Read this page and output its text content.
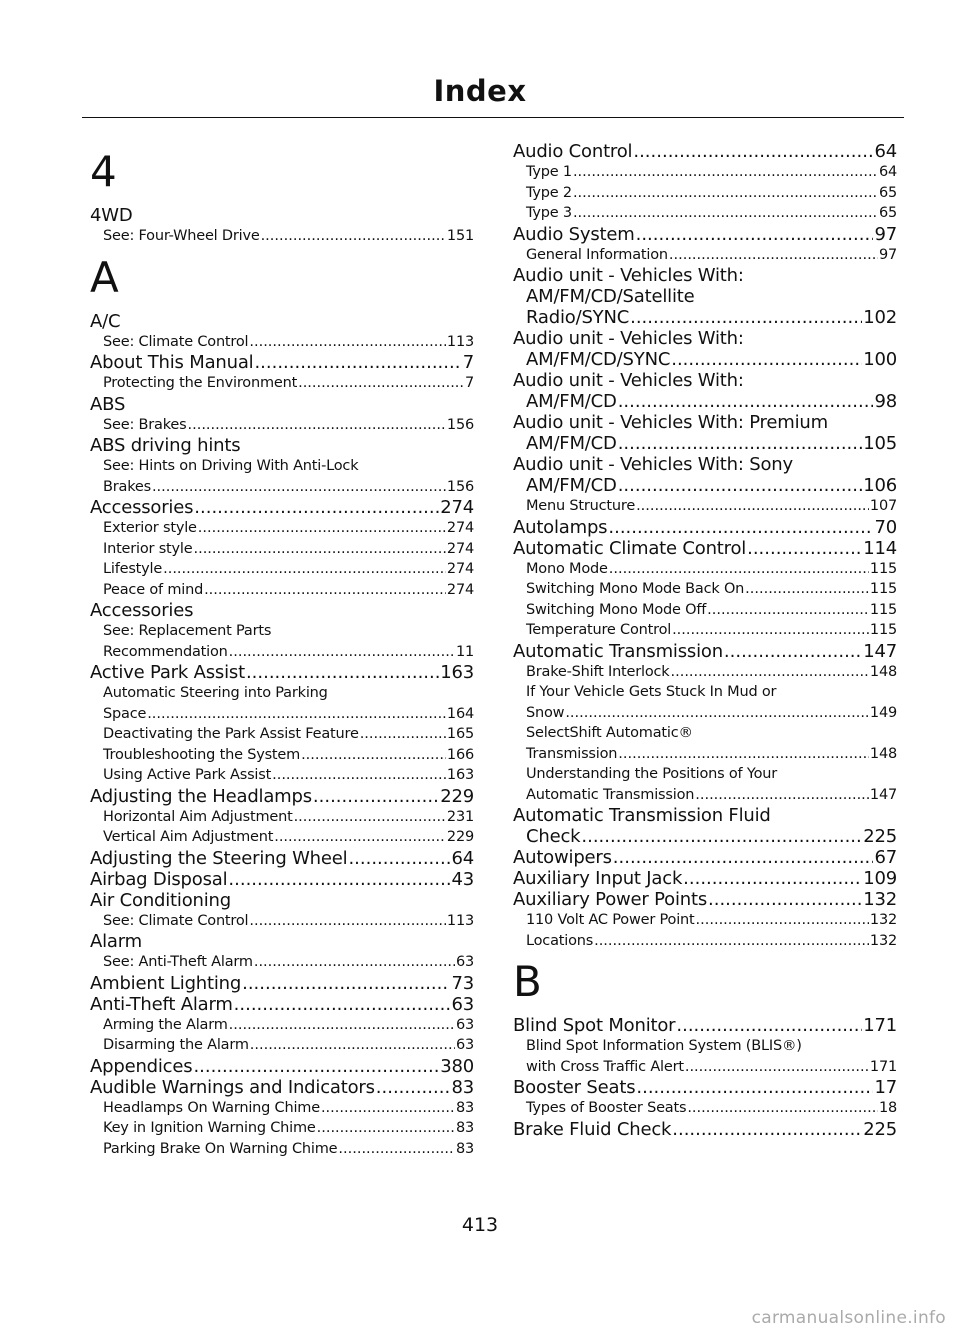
Index
4
4WD
See: Four-Wheel Drive .....	151
A
A/C
See: Climate Control .....	113
About This Manual .....	7
Protecting the Environment .....	7
ABS
See: Brakes .....	156
ABS driving hints
See: Hints on Driving With Anti-Lock
Brakes .....	156
Accessories .....	274
Exterior style .....	274
Interior style .....	274
Lifestyle .....	274
Peace of mind .....	274
Accessories
See: Replacement Parts
Recommendation .....	11
Active Park Assist .....	163
Automatic Steering into Parking
Space .....	164
Deactivating the Park Assist Feature .....	165
Troubleshooting the System .....	166
Using Active Park Assist .....	163
Adjusting the Headlamps .....	229
Horizontal Aim Adjustment .....	231
Vertical Aim Adjustment .....	229
Adjusting the Steering Wheel .....	64
Airbag Disposal .....	43
Air Conditioning
See: Climate Control .....	113
Alarm
See: Anti-Theft Alarm .....	63
Ambient Lighting .....	73
Anti-Theft Alarm .....	63
Arming the Alarm .....	63
Disarming the Alarm .....	63
Appendices .....	380
Audible Warnings and Indicators .....	83
Headlamps On Warning Chime .....	83
Key in Ignition Warning Chime .....	83
Parking Brake On Warning Chime .....	83
Audio Control .....	64
Type 1 .....	64
Type 2 .....	65
Type 3 .....	65
Audio System .....	97
General Information .....	97
Audio unit - Vehicles With:
AM/FM/CD/Satellite
Radio/SYNC .....	102
Audio unit - Vehicles With:
AM/FM/CD/SYNC .....	100
Audio unit - Vehicles With:
AM/FM/CD .....	98
Audio unit - Vehicles With: Premium
AM/FM/CD .....	105
Audio unit - Vehicles With: Sony
AM/FM/CD .....	106
Menu Structure .....	107
Autolamps .....	70
Automatic Climate Control .....	114
Mono Mode .....	115
Switching Mono Mode Back On .....	115
Switching Mono Mode Off .....	115
Temperature Control .....	115
Automatic Transmission .....	147
Brake-Shift Interlock .....	148
If Your Vehicle Gets Stuck In Mud or
Snow .....	149
SelectShift Automatic®
Transmission .....	148
Understanding the Positions of Your
Automatic Transmission .....	147
Automatic Transmission Fluid
Check .....	225
Autowipers .....	67
Auxiliary Input Jack .....	109
Auxiliary Power Points .....	132
110 Volt AC Power Point .....	132
Locations .....	132
B
Blind Spot Monitor .....	171
Blind Spot Information System (BLIS®)
with Cross Traffic Alert .....	171
Booster Seats .....	17
Types of Booster Seats .....	18
Brake Fluid Check .....	225
413
carmanualsonline.info
